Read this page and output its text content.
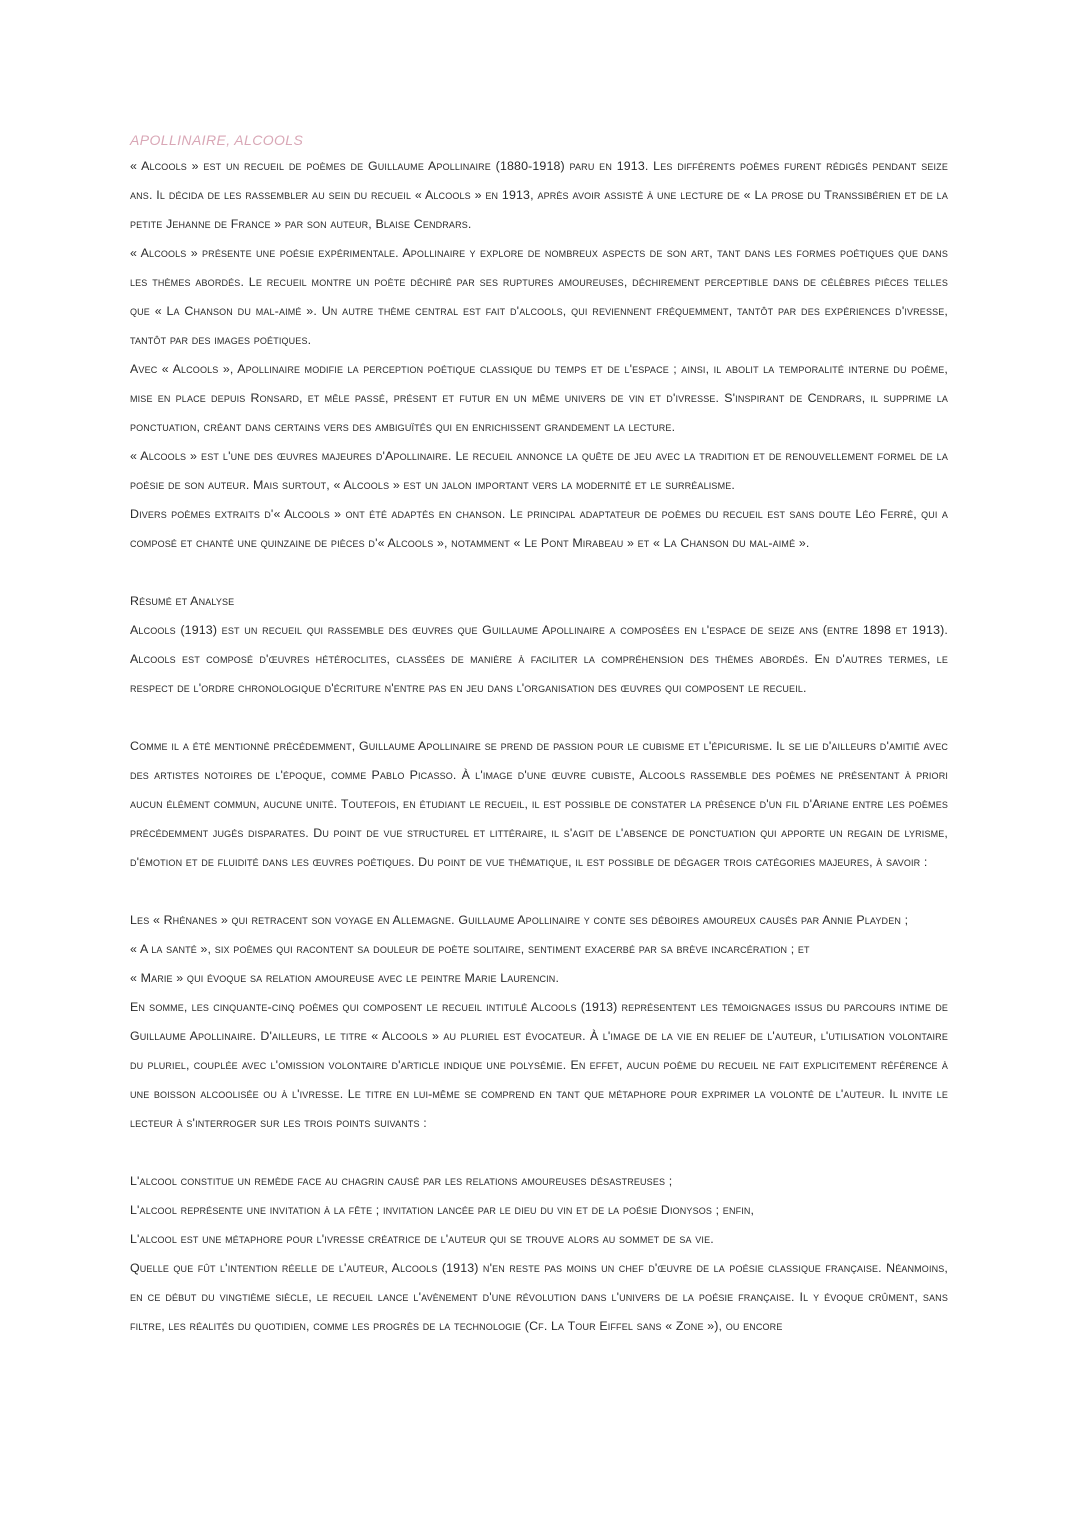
APOLLINAIRE, ALCOOLS

« Alcools » est un recueil de poèmes de Guillaume Apollinaire (1880-1918) paru en 1913. Les différents poèmes furent rédigés pendant seize ans. Il décida de les rassembler au sein du recueil « Alcools » en 1913, après avoir assisté à une lecture de « La prose du Transsibérien et de la petite Jehanne de France » par son auteur, Blaise Cendrars.

« Alcools » présente une poésie expérimentale. Apollinaire y explore de nombreux aspects de son art, tant dans les formes poétiques que dans les thèmes abordés. Le recueil montre un poète déchiré par ses ruptures amoureuses, déchirement perceptible dans de célèbres pièces telles que « La Chanson du mal-aimé ». Un autre thème central est fait d'alcools, qui reviennent fréquemment, tantôt par des expériences d'ivresse, tantôt par des images poétiques.

Avec « Alcools », Apollinaire modifie la perception poétique classique du temps et de l'espace ; ainsi, il abolit la temporalité interne du poème, mise en place depuis Ronsard, et mêle passé, présent et futur en un même univers de vin et d'ivresse. S'inspirant de Cendrars, il supprime la ponctuation, créant dans certains vers des ambiguïtés qui en enrichissent grandement la lecture.

« Alcools » est l'une des œuvres majeures d'Apollinaire. Le recueil annonce la quête de jeu avec la tradition et de renouvellement formel de la poésie de son auteur. Mais surtout, « Alcools » est un jalon important vers la modernité et le surréalisme.

Divers poèmes extraits d'« Alcools » ont été adaptés en chanson. Le principal adaptateur de poèmes du recueil est sans doute Léo Ferré, qui a composé et chanté une quinzaine de pièces d'« Alcools », notamment « Le Pont Mirabeau » et « La Chanson du mal-aimé ».

Résumé et Analyse

Alcools (1913) est un recueil qui rassemble des œuvres que Guillaume Apollinaire a composées en l'espace de seize ans (entre 1898 et 1913). Alcools est composé d'œuvres hétéroclites, classées de manière à faciliter la compréhension des thèmes abordés. En d'autres termes, le respect de l'ordre chronologique d'écriture n'entre pas en jeu dans l'organisation des œuvres qui composent le recueil.

Comme il a été mentionné précédemment, Guillaume Apollinaire se prend de passion pour le cubisme et l'épicurisme. Il se lie d'ailleurs d'amitié avec des artistes notoires de l'époque, comme Pablo Picasso. À l'image d'une œuvre cubiste, Alcools rassemble des poèmes ne présentant à priori aucun élément commun, aucune unité. Toutefois, en étudiant le recueil, il est possible de constater la présence d'un fil d'Ariane entre les poèmes précédemment jugés disparates. Du point de vue structurel et littéraire, il s'agit de l'absence de ponctuation qui apporte un regain de lyrisme, d'émotion et de fluidité dans les œuvres poétiques. Du point de vue thématique, il est possible de dégager trois catégories majeures, à savoir :

Les « Rhénanes » qui retracent son voyage en Allemagne. Guillaume Apollinaire y conte ses déboires amoureux causés par Annie Playden ;

« A la santé », six poèmes qui racontent sa douleur de poète solitaire, sentiment exacerbé par sa brève incarcération ; et

« Marie » qui évoque sa relation amoureuse avec le peintre Marie Laurencin.

En somme, les cinquante-cinq poèmes qui composent le recueil intitulé Alcools (1913) représentent les témoignages issus du parcours intime de Guillaume Apollinaire. D'ailleurs, le titre « Alcools » au pluriel est évocateur. À l'image de la vie en relief de l'auteur, l'utilisation volontaire du pluriel, couplée avec l'omission volontaire d'article indique une polysémie. En effet, aucun poème du recueil ne fait explicitement référence à une boisson alcoolisée ou à l'ivresse. Le titre en lui-même se comprend en tant que métaphore pour exprimer la volonté de l'auteur. Il invite le lecteur à s'interroger sur les trois points suivants :

L'alcool constitue un remède face au chagrin causé par les relations amoureuses désastreuses ;

L'alcool représente une invitation à la fête ; invitation lancée par le dieu du vin et de la poésie Dionysos ; enfin,

L'alcool est une métaphore pour l'ivresse créatrice de l'auteur qui se trouve alors au sommet de sa vie.

Quelle que fût l'intention réelle de l'auteur, Alcools (1913) n'en reste pas moins un chef d'œuvre de la poésie classique française. Néanmoins, en ce début du vingtième siècle, le recueil lance l'avènement d'une révolution dans l'univers de la poésie française. Il y évoque crûment, sans filtre, les réalités du quotidien, comme les progrès de la technologie (Cf. La Tour Eiffel sans « Zone »), ou encore
